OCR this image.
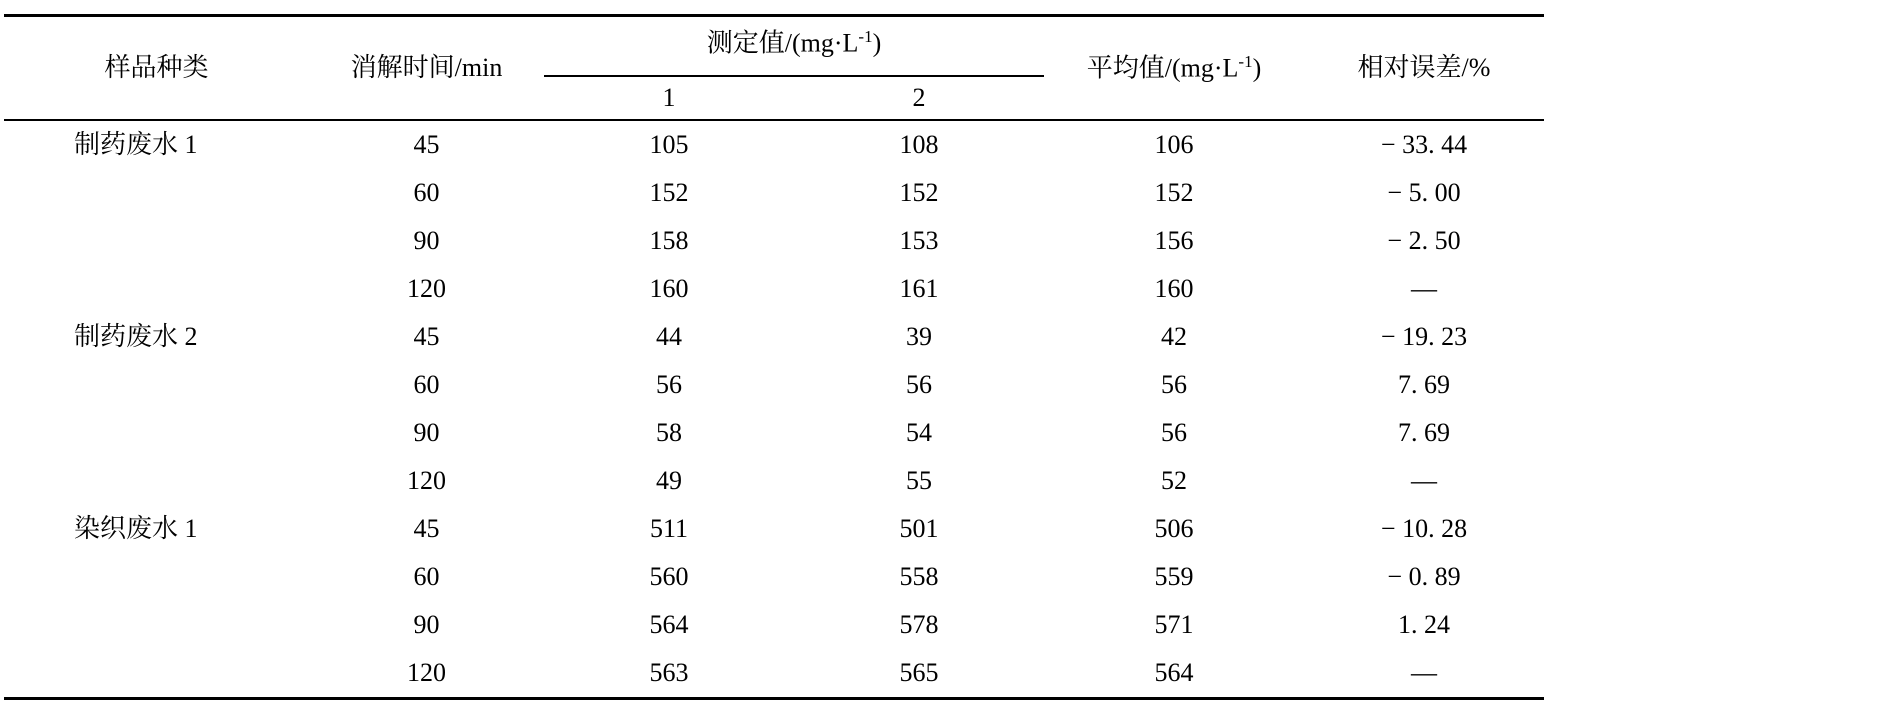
样品种类	消解时间/min	测定值$/(mg\cdot L^{-1})$		平均值$/(mg\cdot L^{-1})$	相对误差/%
		1	2		

制药废水 1	45	105	108	106	− 33. 44
	60	152	152	152	− 5. 00
	90	158	153	156	− 2. 50
	120	160	161	160	—
制药废水 2	45	44	39	42	− 19. 23
	60	56	56	56	7. 69
	90	58	54	56	7. 69
	120	49	55	52	—
染织废水 1	45	511	501	506	− 10. 28
	60	560	558	559	− 0. 89
	90	564	578	571	1. 24
	120	563	565	564	—
